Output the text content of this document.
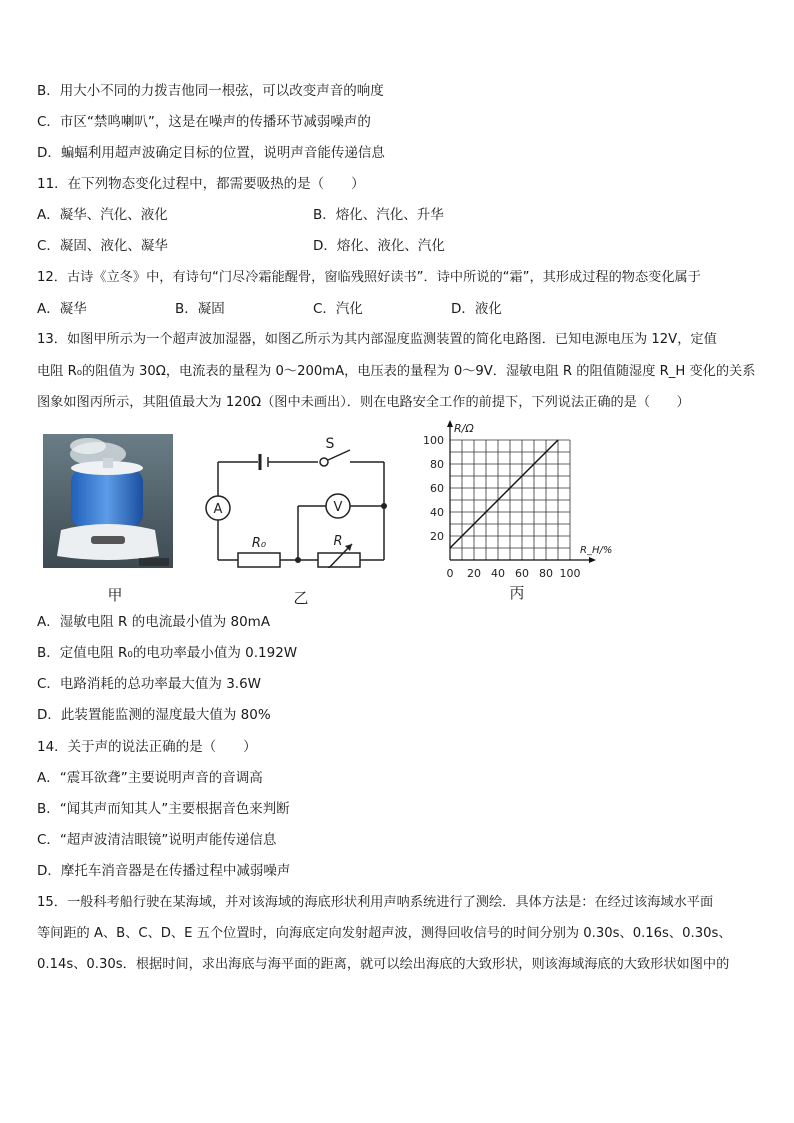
B．用大小不同的力拨吉他同一根弦，可以改变声音的响度
C．市区“禁鸣喇叭”，这是在噪声的传播环节减弱噪声的
D．蝙蝠利用超声波确定目标的位置，说明声音能传递信息
11．在下列物态变化过程中，都需要吸热的是（　　）
A．凝华、汽化、液化	B．熔化、汽化、升华
C．凝固、液化、凝华	D．熔化、液化、汽化
12．古诗《立冬》中，有诗句“门尽冷霜能醒骨，窗临残照好读书”．诗中所说的“霜”，其形成过程的物态变化属于
A．凝华	B．凝固	C．汽化	D．液化
13．如图甲所示为一个超声波加湿器，如图乙所示为其内部湿度监测装置的简化电路图．已知电源电压为 12V，定值
电阻 R₀的阻值为 30Ω，电流表的量程为 0～200mA，电压表的量程为 0～9V．湿敏电阻 R 的阻值随湿度 R_H 变化的关系
图象如图丙所示，其阻值最大为 120Ω（图中未画出）．则在电路安全工作的前提下，下列说法正确的是（　　）
S
A	V
R₀	R
0 20 40 60 80 100
20
40
60
80
100
R/Ω
R_H/%
甲	乙	丙
A．湿敏电阻 R 的电流最小值为 80mA
B．定值电阻 R₀的电功率最小值为 0.192W
C．电路消耗的总功率最大值为 3.6W
D．此装置能监测的湿度最大值为 80%
14．关于声的说法正确的是（　　）
A．“震耳欲聋”主要说明声音的音调高
B．“闻其声而知其人”主要根据音色来判断
C．“超声波清洁眼镜”说明声能传递信息
D．摩托车消音器是在传播过程中减弱噪声
15．一般科考船行驶在某海域，并对该海域的海底形状利用声呐系统进行了测绘．具体方法是：在经过该海域水平面
等间距的 A、B、C、D、E 五个位置时，向海底定向发射超声波，测得回收信号的时间分别为 0.30s、0.16s、0.30s、
0.14s、0.30s．根据时间，求出海底与海平面的距离，就可以绘出海底的大致形状，则该海域海底的大致形状如图中的
